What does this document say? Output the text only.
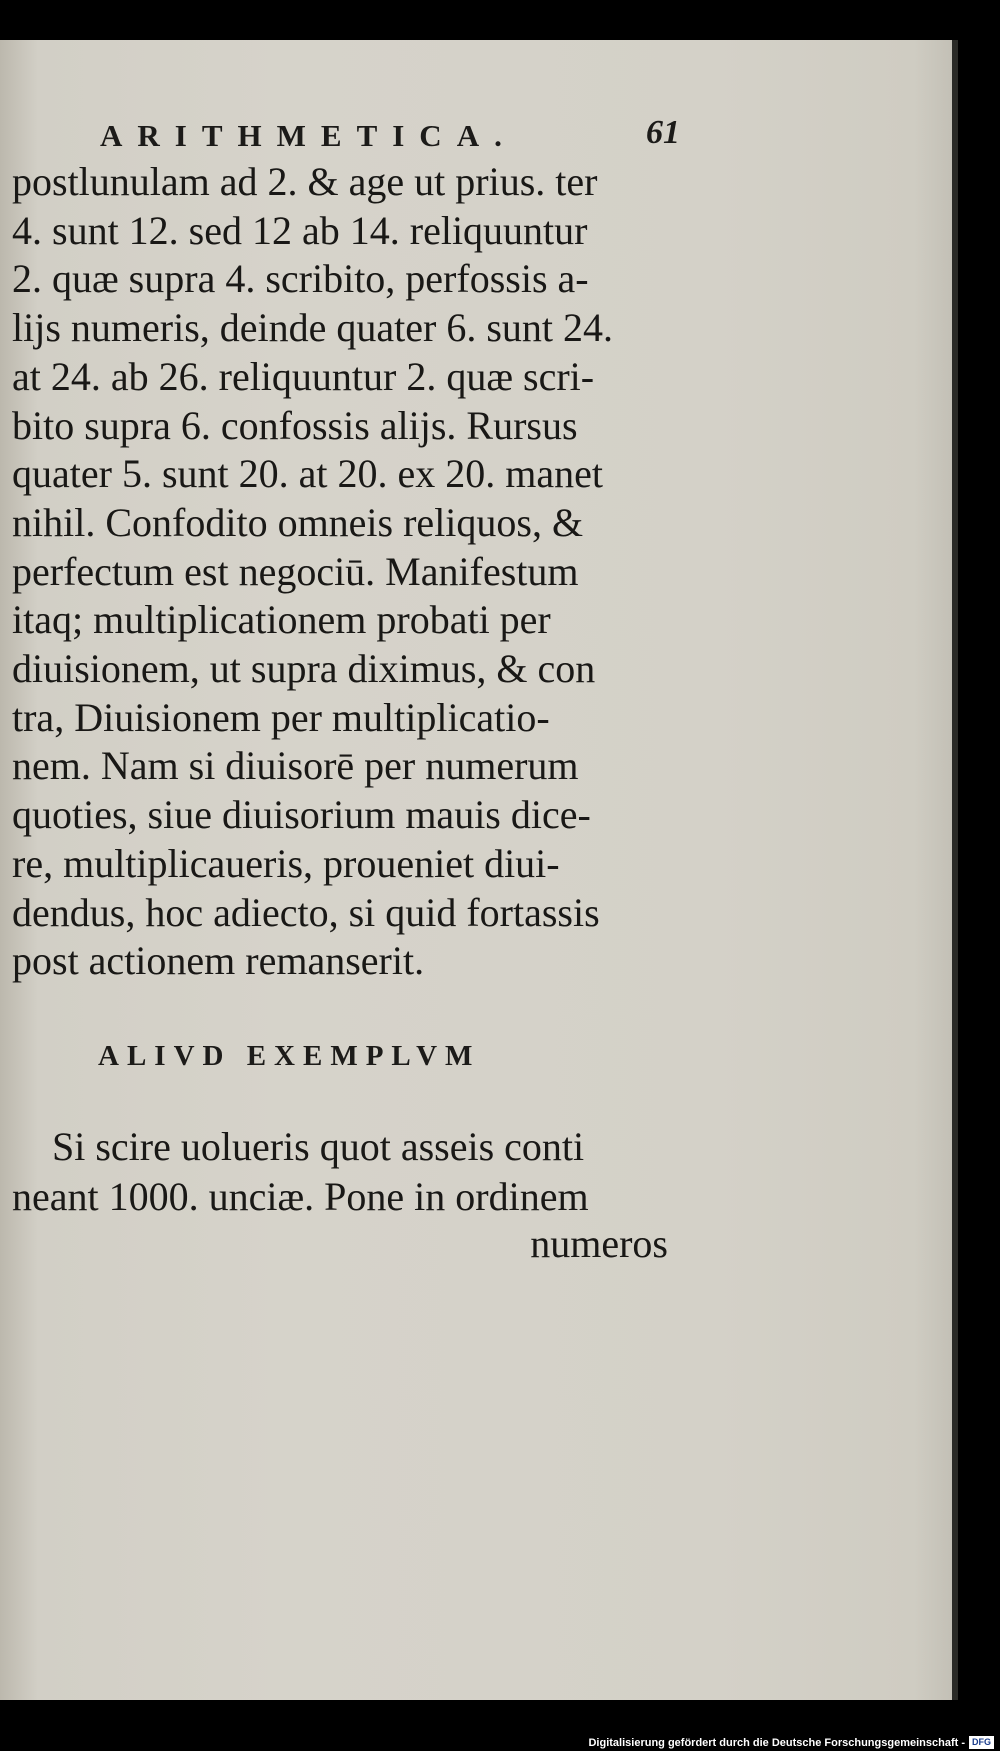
ARITHMETICA.	61
postlunulam ad 2. & age ut prius. ter
4. sunt 12. sed 12 ab 14. reliquuntur
2. quæ supra 4. scribito, perfossis a-
lijs numeris, deinde quater 6. sunt 24.
at 24. ab 26. reliquuntur 2. quæ scri-
bito supra 6. confossis alijs. Rursus
quater 5. sunt 20. at 20. ex 20. manet
nihil. Confodito omneis reliquos, &
perfectum est negociū. Manifestum
itaq; multiplicationem probati per
diuisionem, ut supra diximus, & con
tra, Diuisionem per multiplicatio-
nem. Nam si diuisorē per numerum
quoties, siue diuisorium mauis dice-
re, multiplicaueris, proueniet diui-
dendus, hoc adiecto, si quid fortassis
post actionem remanserit.
ALIVD EXEMPLVM
Si scire uolueris quot asseis conti
neant 1000. unciæ. Pone in ordinem
numeros
Digitalisierung gefördert durch die Deutsche Forschungsgemeinschaft - DFG
